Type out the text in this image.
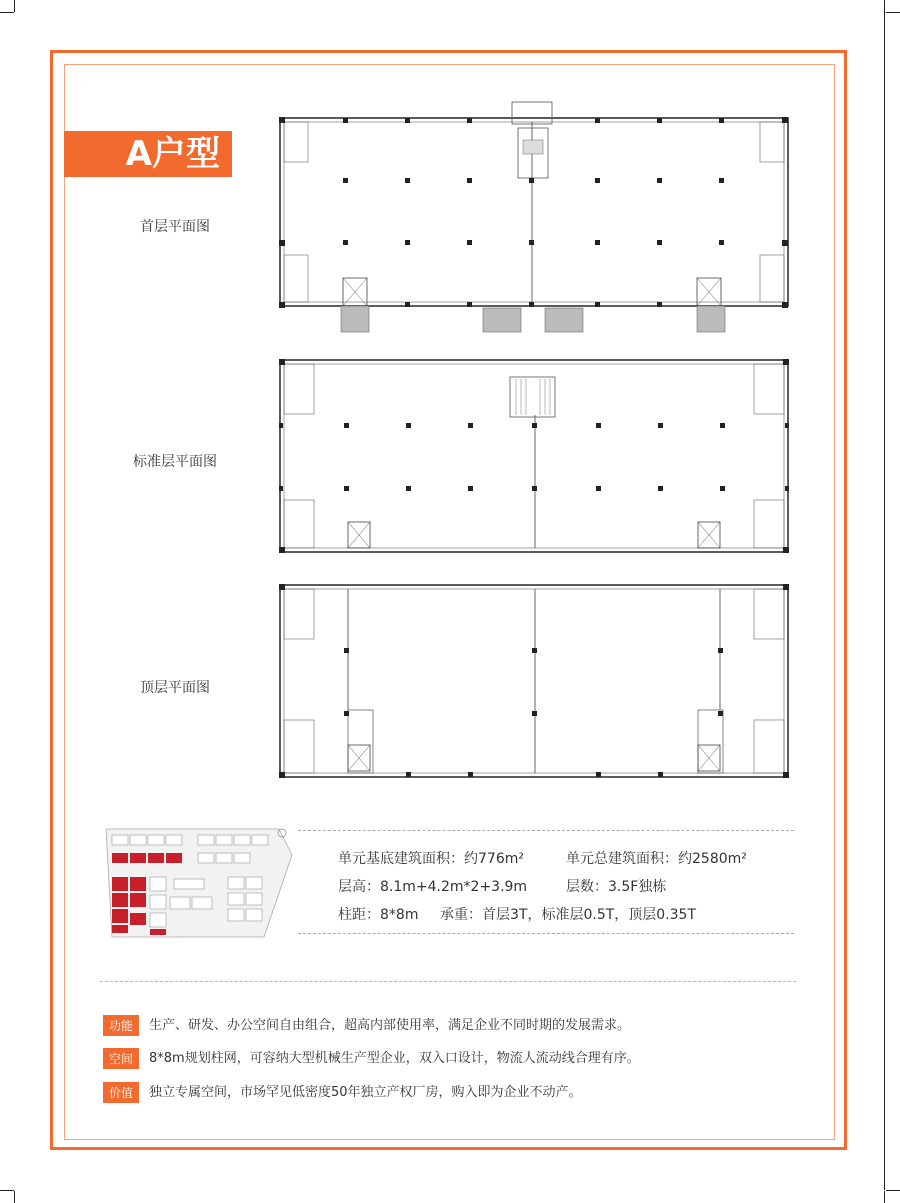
A户型
首层平面图
标准层平面图
顶层平面图
单元基底建筑面积：约776m²	单元总建筑面积：约2580m²
层高：8.1m+4.2m*2+3.9m	层数：3.5F独栋
柱距：8*8m 承重：首层3T，标准层0.5T，顶层0.35T
功能 生产、研发、办公空间自由组合，超高内部使用率，满足企业不同时期的发展需求。
空间 8*8m规划柱网，可容纳大型机械生产型企业，双入口设计，物流人流动线合理有序。
价值 独立专属空间，市场罕见低密度50年独立产权厂房，购入即为企业不动产。
